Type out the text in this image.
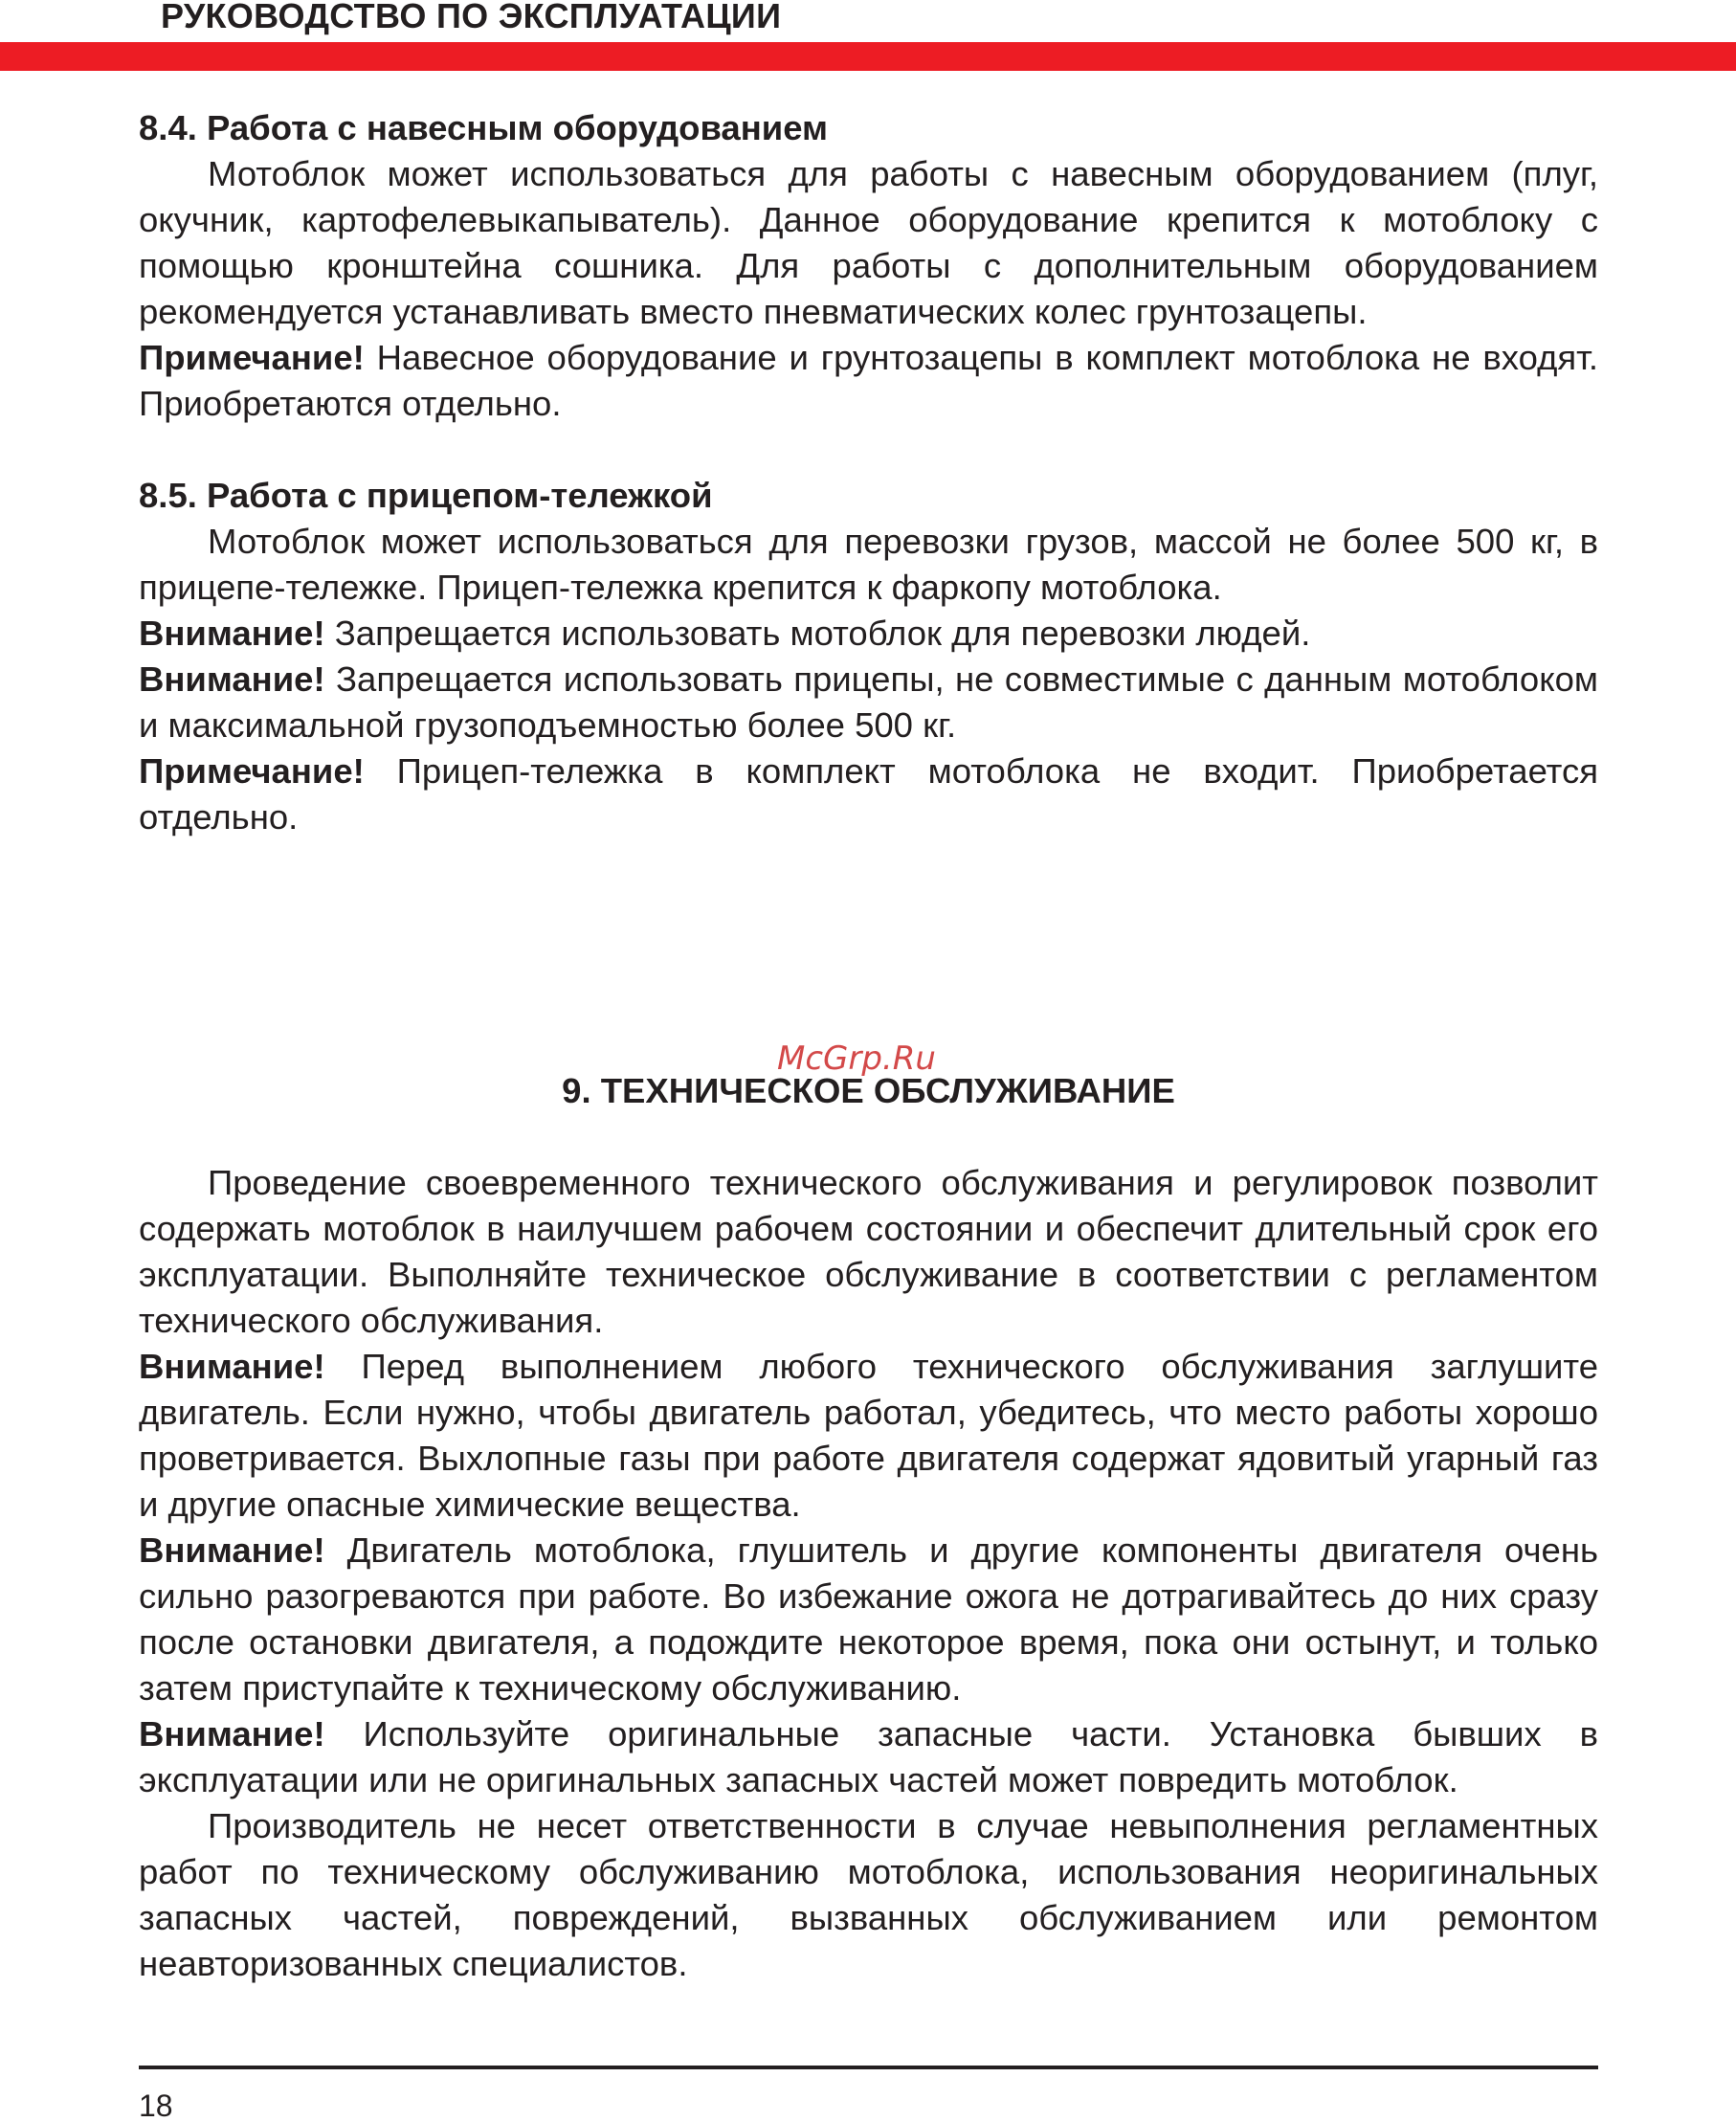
РУКОВОДСТВО ПО ЭКСПЛУАТАЦИИ
8.4. Работа с навесным оборудованием
Мотоблок может использоваться для работы с навесным оборудованием (плуг, окучник, картофелевыкапыватель). Данное оборудование крепится к мотоблоку с помощью кронштейна сошника. Для работы с дополнительным оборудованием рекомендуется устанавливать вместо пневматических колес грунтозацепы.
Примечание! Навесное оборудование и грунтозацепы в комплект мотоблока не входят. Приобретаются отдельно.
8.5. Работа с прицепом-тележкой
Мотоблок может использоваться для перевозки грузов, массой не более 500 кг, в прицепе-тележке. Прицеп-тележка крепится к фаркопу мотоблока.
Внимание! Запрещается использовать мотоблок для перевозки людей.
Внимание! Запрещается использовать прицепы, не совместимые с данным мотоблоком и максимальной грузоподъемностью более 500 кг.
Примечание! Прицеп-тележка в комплект мотоблока не входит. Приобретается отдельно.
McGrp.Ru
9. ТЕХНИЧЕСКОЕ ОБСЛУЖИВАНИЕ
Проведение своевременного технического обслуживания и регулировок позволит содержать мотоблок в наилучшем рабочем состоянии и обеспечит длительный срок его эксплуатации. Выполняйте техническое обслуживание в соответствии с регламентом технического обслуживания.
Внимание! Перед выполнением любого технического обслуживания заглушите двигатель. Если нужно, чтобы двигатель работал, убедитесь, что место работы хорошо проветривается. Выхлопные газы при работе двигателя содержат ядовитый угарный газ и другие опасные химические вещества.
Внимание! Двигатель мотоблока, глушитель и другие компоненты двигателя очень сильно разогреваются при работе. Во избежание ожога не дотрагивайтесь до них сразу после остановки двигателя, а подождите некоторое время, пока они остынут, и только затем приступайте к техническому обслуживанию.
Внимание! Используйте оригинальные запасные части. Установка бывших в эксплуатации или не оригинальных запасных частей может повредить мотоблок.
Производитель не несет ответственности в случае невыполнения регламентных работ по техническому обслуживанию мотоблока, использования неоригинальных запасных частей, повреждений, вызванных обслуживанием или ремонтом неавторизованных специалистов.
18
